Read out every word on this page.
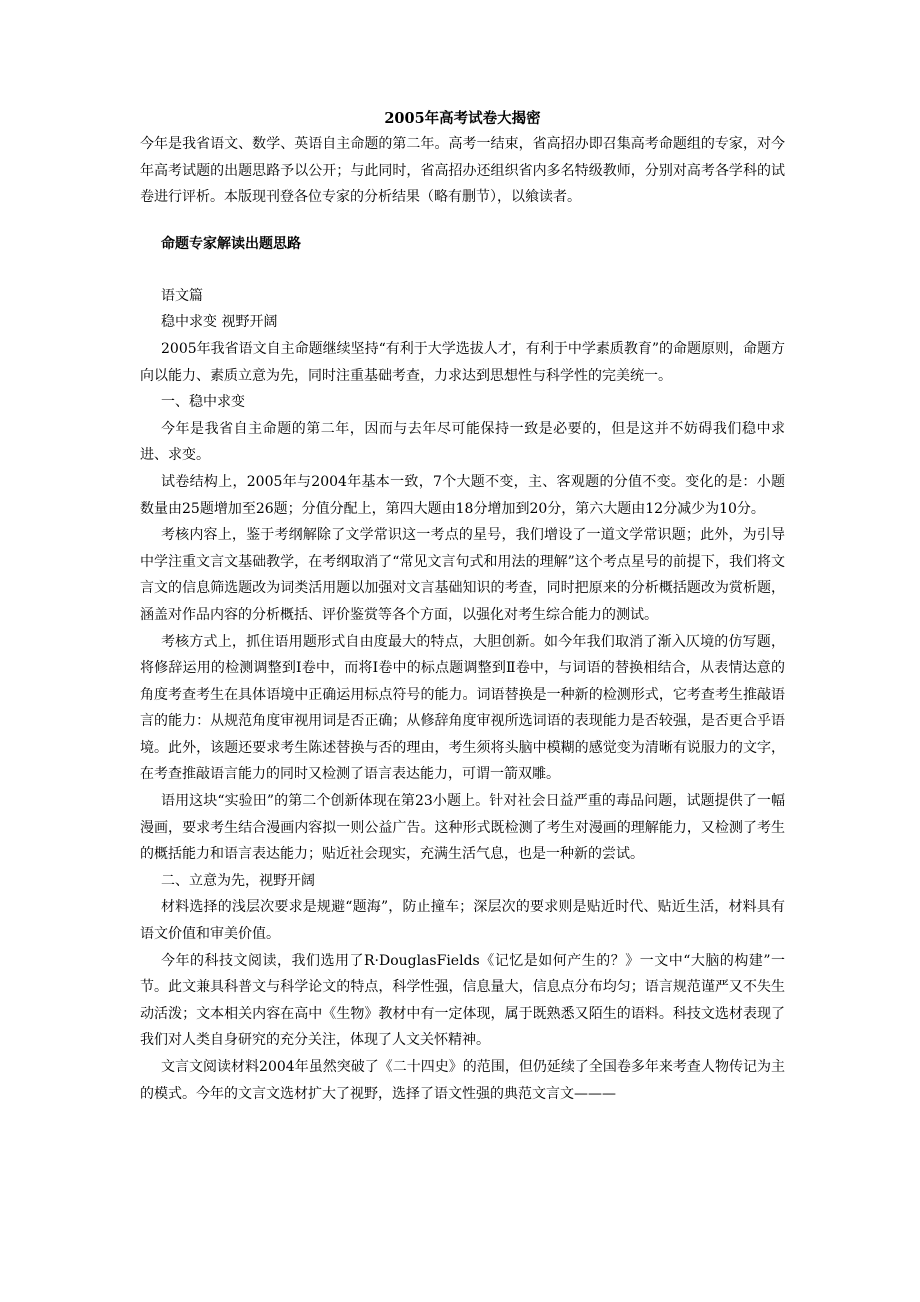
2005年高考试卷大揭密

今年是我省语文、数学、英语自主命题的第二年。高考一结束，省高招办即召集高考命题组的专家，对今年高考试题的出题思路予以公开；与此同时，省高招办还组织省内多名特级教师，分别对高考各学科的试卷进行评析。本版现刊登各位专家的分析结果（略有删节），以飨读者。

命题专家解读出题思路

语文篇

稳中求变 视野开阔

2005年我省语文自主命题继续坚持“有利于大学选拔人才，有利于中学素质教育”的命题原则，命题方向以能力、素质立意为先，同时注重基础考查，力求达到思想性与科学性的完美统一。

一、稳中求变

今年是我省自主命题的第二年，因而与去年尽可能保持一致是必要的，但是这并不妨碍我们稳中求进、求变。

试卷结构上，2005年与2004年基本一致，7个大题不变，主、客观题的分值不变。变化的是：小题数量由25题增加至26题；分值分配上，第四大题由18分增加到20分，第六大题由12分减少为10分。

考核内容上，鉴于考纲解除了文学常识这一考点的星号，我们增设了一道文学常识题；此外，为引导中学注重文言文基础教学，在考纲取消了“常见文言句式和用法的理解”这个考点星号的前提下，我们将文言文的信息筛选题改为词类活用题以加强对文言基础知识的考查，同时把原来的分析概括题改为赏析题，涵盖对作品内容的分析概括、评价鉴赏等各个方面，以强化对考生综合能力的测试。

考核方式上，抓住语用题形式自由度最大的特点，大胆创新。如今年我们取消了渐入仄境的仿写题，将修辞运用的检测调整到Ⅰ卷中，而将Ⅰ卷中的标点题调整到Ⅱ卷中，与词语的替换相结合，从表情达意的角度考查考生在具体语境中正确运用标点符号的能力。词语替换是一种新的检测形式，它考查考生推敲语言的能力：从规范角度审视用词是否正确；从修辞角度审视所选词语的表现能力是否较强，是否更合乎语境。此外，该题还要求考生陈述替换与否的理由，考生须将头脑中模糊的感觉变为清晰有说服力的文字，在考查推敲语言能力的同时又检测了语言表达能力，可谓一箭双雕。

语用这块“实验田”的第二个创新体现在第23小题上。针对社会日益严重的毒品问题，试题提供了一幅漫画，要求考生结合漫画内容拟一则公益广告。这种形式既检测了考生对漫画的理解能力，又检测了考生的概括能力和语言表达能力；贴近社会现实，充满生活气息，也是一种新的尝试。

二、立意为先，视野开阔

材料选择的浅层次要求是规避“题海”，防止撞车；深层次的要求则是贴近时代、贴近生活，材料具有语文价值和审美价值。

今年的科技文阅读，我们选用了R·DouglasFields《记忆是如何产生的？》一文中“大脑的构建”一节。此文兼具科普文与科学论文的特点，科学性强，信息量大，信息点分布均匀；语言规范谨严又不失生动活泼；文本相关内容在高中《生物》教材中有一定体现，属于既熟悉又陌生的语料。科技文选材表现了我们对人类自身研究的充分关注，体现了人文关怀精神。

文言文阅读材料2004年虽然突破了《二十四史》的范围，但仍延续了全国卷多年来考查人物传记为主的模式。今年的文言文选材扩大了视野，选择了语文性强的典范文言文———
